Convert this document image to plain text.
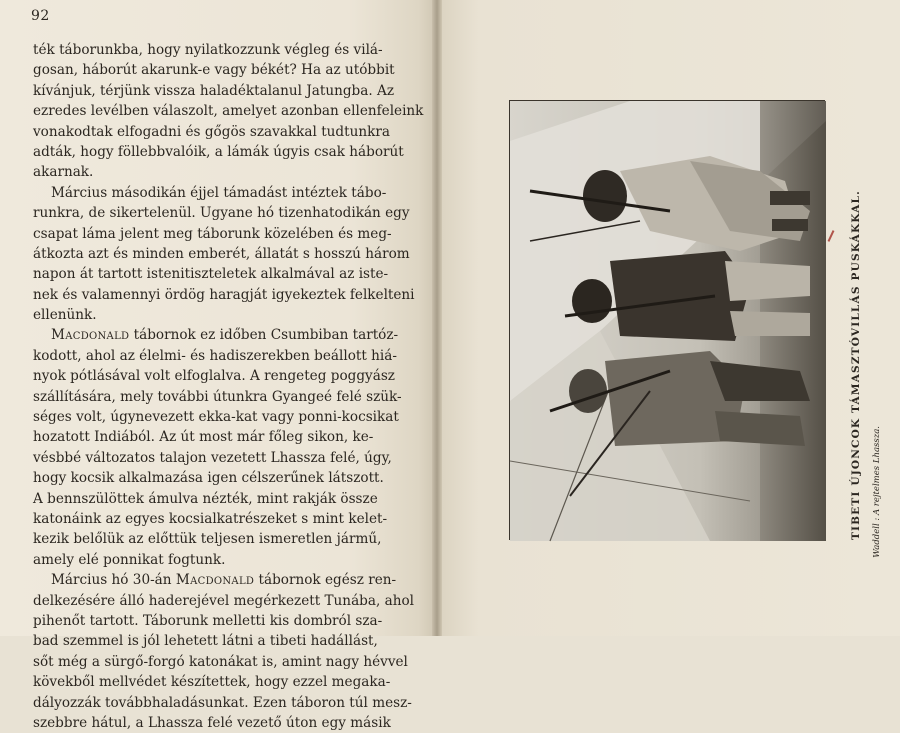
92
ték táborunkba, hogy nyilatkozzunk végleg és vilá-
gosan, háborút akarunk-e vagy békét? Ha az utóbbit
kívánjuk, térjünk vissza haladéktalanul Jatungba. Az
ezredes levélben válaszolt, amelyet azonban ellenfeleink
vonakodtak elfogadni és gőgös szavakkal tudtunkra
adták, hogy föllebbvalóik, a lámák úgyis csak háborút
akarnak.
Március másodikán éjjel támadást intéztek tábo-
runkra, de sikertelenül. Ugyane hó tizenhatodikán egy
csapat láma jelent meg táborunk közelében és meg-
átkozta azt és minden emberét, állatát s hosszú három
napon át tartott istenitiszteletek alkalmával az iste-
nek és valamennyi ördög haragját igyekeztek felkelteni
ellenünk.
Macdonald tábornok ez időben Csumbiban tartóz-
kodott, ahol az élelmi- és hadiszerekben beállott hiá-
nyok pótlásával volt elfoglalva. A rengeteg poggyász
szállítására, mely további útunkra Gyangeé felé szük-
séges volt, úgynevezett ekka-kat vagy ponni-kocsikat
hozatott Indiából. Az út most már főleg sikon, ke-
vésbbé változatos talajon vezetett Lhassza felé, úgy,
hogy kocsik alkalmazása igen célszerűnek látszott.
A bennszülöttek ámulva nézték, mint rakják össze
katonáink az egyes kocsialkatrészeket s mint kelet-
kezik belőlük az előttük teljesen ismeretlen jármű,
amely elé ponnikat fogtunk.
Március hó 30-án Macdonald tábornok egész ren-
delkezésére álló haderejével megérkezett Tunába, ahol
pihenőt tartott. Táborunk melletti kis dombról sza-
bad szemmel is jól lehetett látni a tibeti hadállást,
sőt még a sürgő-forgó katonákat is, amint nagy hévvel
kövekből mellvédet készítettek, hogy ezzel megaka-
dályozzák továbbhaladásunkat. Ezen táboron túl mesz-
szebbre hátul, a Lhassza felé vezető úton egy másik
TIBETI ÚJONCOK TÁMASZTÓVILLÁS PUSKÁKKAL. Waddell : A rejtelmes Lhassza.
